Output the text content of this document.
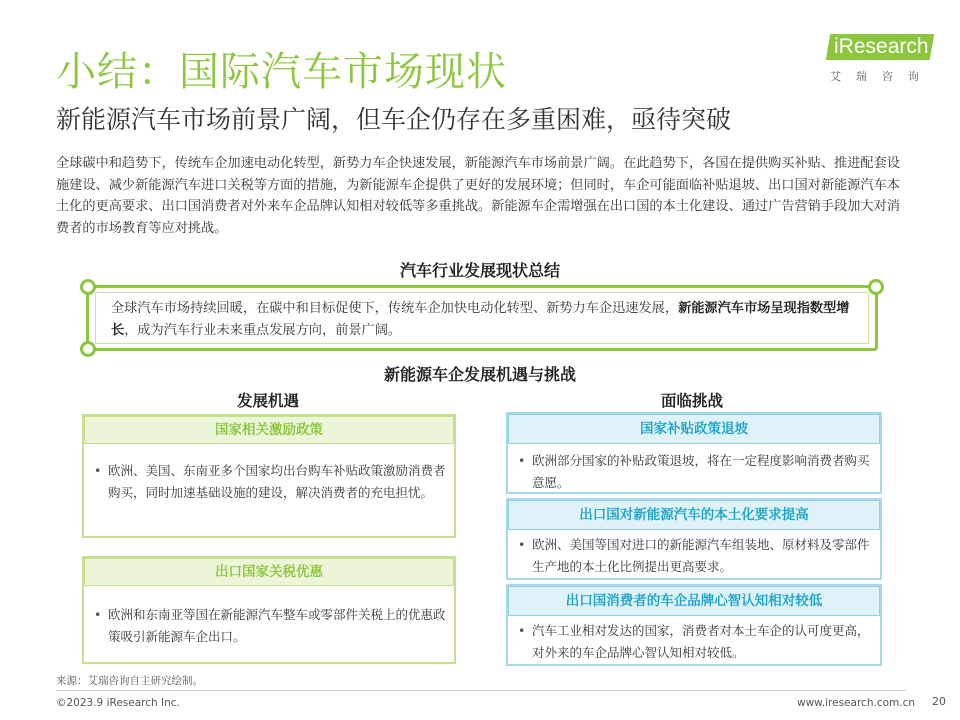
小结：国际汽车市场现状
新能源汽车市场前景广阔，但车企仍存在多重困难，亟待突破
iResearch
艾瑞咨询
全球碳中和趋势下，传统车企加速电动化转型，新势力车企快速发展，新能源汽车市场前景广阔。在此趋势下，各国在提供购买补贴、推进配套设施建设、减少新能源汽车进口关税等方面的措施，为新能源车企提供了更好的发展环境；但同时，车企可能面临补贴退坡、出口国对新能源汽车本土化的更高要求、出口国消费者对外来车企品牌认知相对较低等多重挑战。新能源车企需增强在出口国的本土化建设、通过广告营销手段加大对消费者的市场教育等应对挑战。
汽车行业发展现状总结
全球汽车市场持续回暖，在碳中和目标促使下，传统车企加快电动化转型、新势力车企迅速发展，新能源汽车市场呈现指数型增长，成为汽车行业未来重点发展方向，前景广阔。
新能源车企发展机遇与挑战
发展机遇	面临挑战
国家相关激励政策
• 欧洲、美国、东南亚多个国家均出台购车补贴政策激励消费者购买，同时加速基础设施的建设，解决消费者的充电担忧。
出口国家关税优惠
• 欧洲和东南亚等国在新能源汽车整车或零部件关税上的优惠政策吸引新能源车企出口。
国家补贴政策退坡
• 欧洲部分国家的补贴政策退坡，将在一定程度影响消费者购买意愿。
出口国对新能源汽车的本土化要求提高
• 欧洲、美国等国对进口的新能源汽车组装地、原材料及零部件生产地的本土化比例提出更高要求。
出口国消费者的车企品牌心智认知相对较低
• 汽车工业相对发达的国家，消费者对本土车企的认可度更高，对外来的车企品牌心智认知相对较低。
来源：艾瑞咨询自主研究绘制。
©2023.9 iResearch Inc.	www.iresearch.com.cn 20
